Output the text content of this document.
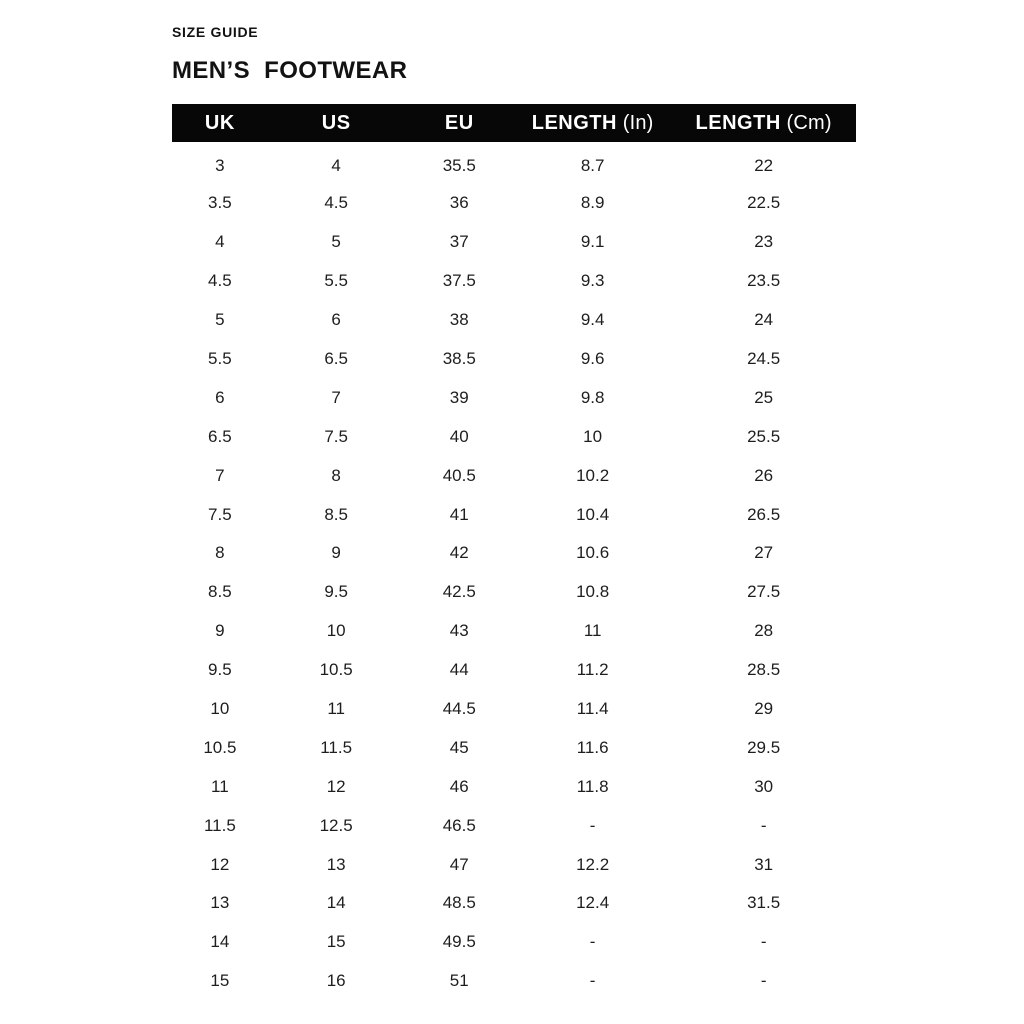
SIZE GUIDE
MEN’S  FOOTWEAR
UK	US	EU	LENGTH (In)	LENGTH (Cm)
3	4	35.5	8.7	22
3.5	4.5	36	8.9	22.5
4	5	37	9.1	23
4.5	5.5	37.5	9.3	23.5
5	6	38	9.4	24
5.5	6.5	38.5	9.6	24.5
6	7	39	9.8	25
6.5	7.5	40	10	25.5
7	8	40.5	10.2	26
7.5	8.5	41	10.4	26.5
8	9	42	10.6	27
8.5	9.5	42.5	10.8	27.5
9	10	43	11	28
9.5	10.5	44	11.2	28.5
10	11	44.5	11.4	29
10.5	11.5	45	11.6	29.5
11	12	46	11.8	30
11.5	12.5	46.5	-	-
12	13	47	12.2	31
13	14	48.5	12.4	31.5
14	15	49.5	-	-
15	16	51	-	-
